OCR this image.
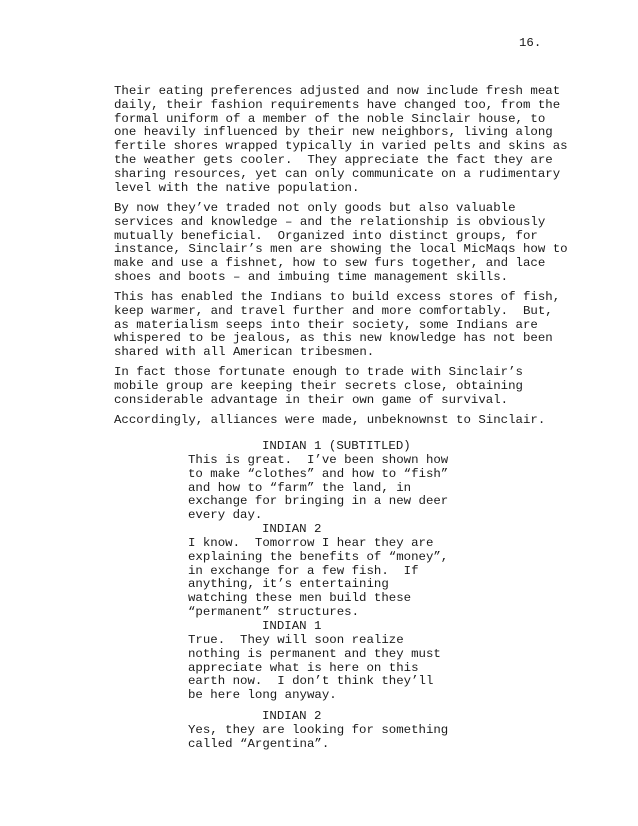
16.

Their eating preferences adjusted and now include fresh meat
daily, their fashion requirements have changed too, from the
formal uniform of a member of the noble Sinclair house, to
one heavily influenced by their new neighbors, living along
fertile shores wrapped typically in varied pelts and skins as
the weather gets cooler.  They appreciate the fact they are
sharing resources, yet can only communicate on a rudimentary
level with the native population.

By now they’ve traded not only goods but also valuable
services and knowledge – and the relationship is obviously
mutually beneficial.  Organized into distinct groups, for
instance, Sinclair’s men are showing the local MicMaqs how to
make and use a fishnet, how to sew furs together, and lace
shoes and boots – and imbuing time management skills.

This has enabled the Indians to build excess stores of fish,
keep warmer, and travel further and more comfortably.  But,
as materialism seeps into their society, some Indians are
whispered to be jealous, as this new knowledge has not been
shared with all American tribesmen.

In fact those fortunate enough to trade with Sinclair’s
mobile group are keeping their secrets close, obtaining
considerable advantage in their own game of survival.

Accordingly, alliances were made, unbeknownst to Sinclair.

INDIAN 1 (SUBTITLED)

This is great.  I’ve been shown how
to make “clothes” and how to “fish”
and how to “farm” the land, in
exchange for bringing in a new deer
every day.

INDIAN 2

I know.  Tomorrow I hear they are
explaining the benefits of “money”,
in exchange for a few fish.  If
anything, it’s entertaining
watching these men build these
“permanent” structures.

INDIAN 1

True.  They will soon realize
nothing is permanent and they must
appreciate what is here on this
earth now.  I don’t think they’ll
be here long anyway.

INDIAN 2

Yes, they are looking for something
called “Argentina”.
